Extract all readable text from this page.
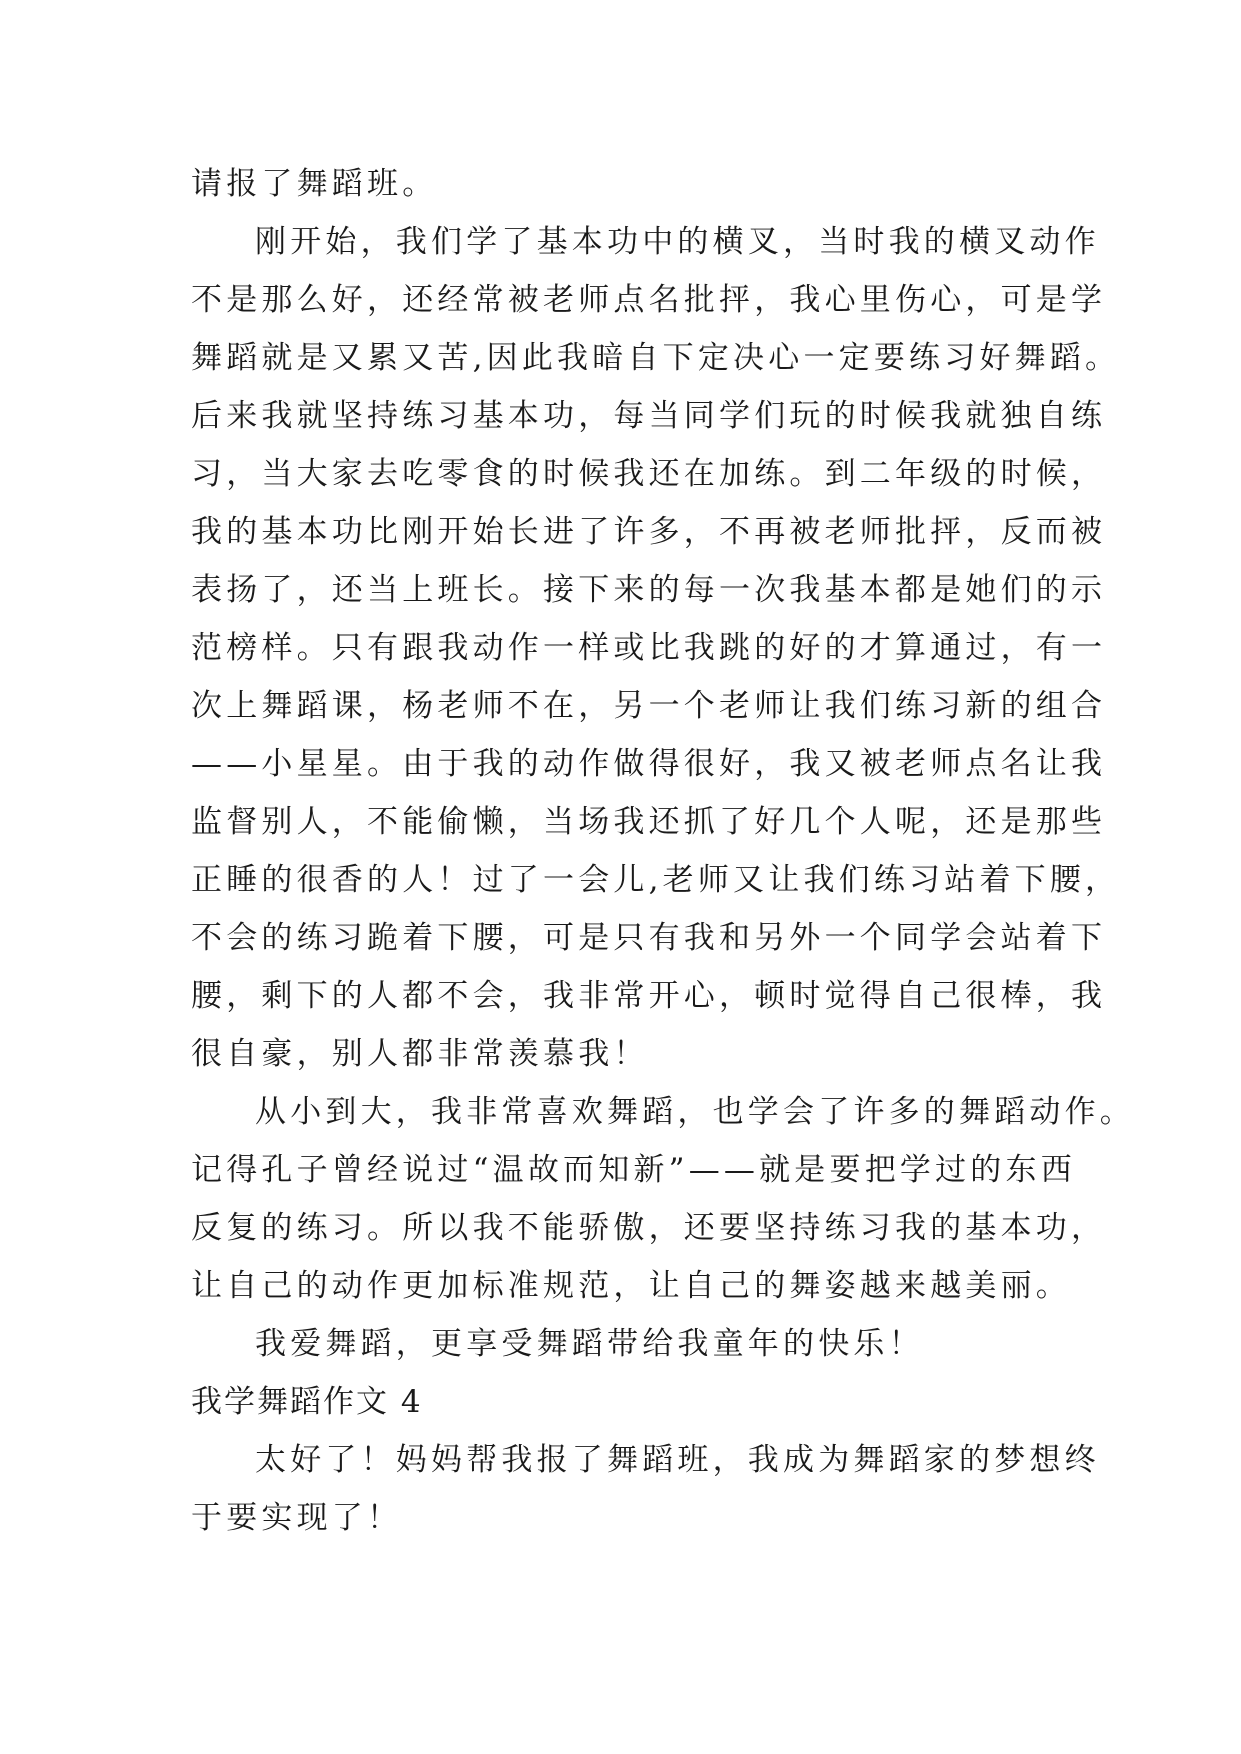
请报了舞蹈班。
刚开始，我们学了基本功中的横叉，当时我的横叉动作
不是那么好，还经常被老师点名批抨，我心里伤心，可是学
舞蹈就是又累又苦,因此我暗自下定决心一定要练习好舞蹈。
后来我就坚持练习基本功，每当同学们玩的时候我就独自练
习，当大家去吃零食的时候我还在加练。到二年级的时候，
我的基本功比刚开始长进了许多，不再被老师批抨，反而被
表扬了，还当上班长。接下来的每一次我基本都是她们的示
范榜样。只有跟我动作一样或比我跳的好的才算通过，有一
次上舞蹈课，杨老师不在，另一个老师让我们练习新的组合
——小星星。由于我的动作做得很好，我又被老师点名让我
监督别人，不能偷懒，当场我还抓了好几个人呢，还是那些
正睡的很香的人！过了一会儿,老师又让我们练习站着下腰，
不会的练习跪着下腰，可是只有我和另外一个同学会站着下
腰，剩下的人都不会，我非常开心，顿时觉得自己很棒，我
很自豪，别人都非常羡慕我！
从小到大，我非常喜欢舞蹈，也学会了许多的舞蹈动作。
记得孔子曾经说过“温故而知新”——就是要把学过的东西
反复的练习。所以我不能骄傲，还要坚持练习我的基本功，
让自己的动作更加标准规范，让自己的舞姿越来越美丽。
我爱舞蹈，更享受舞蹈带给我童年的快乐！
我学舞蹈作文 4
太好了！妈妈帮我报了舞蹈班，我成为舞蹈家的梦想终
于要实现了！
